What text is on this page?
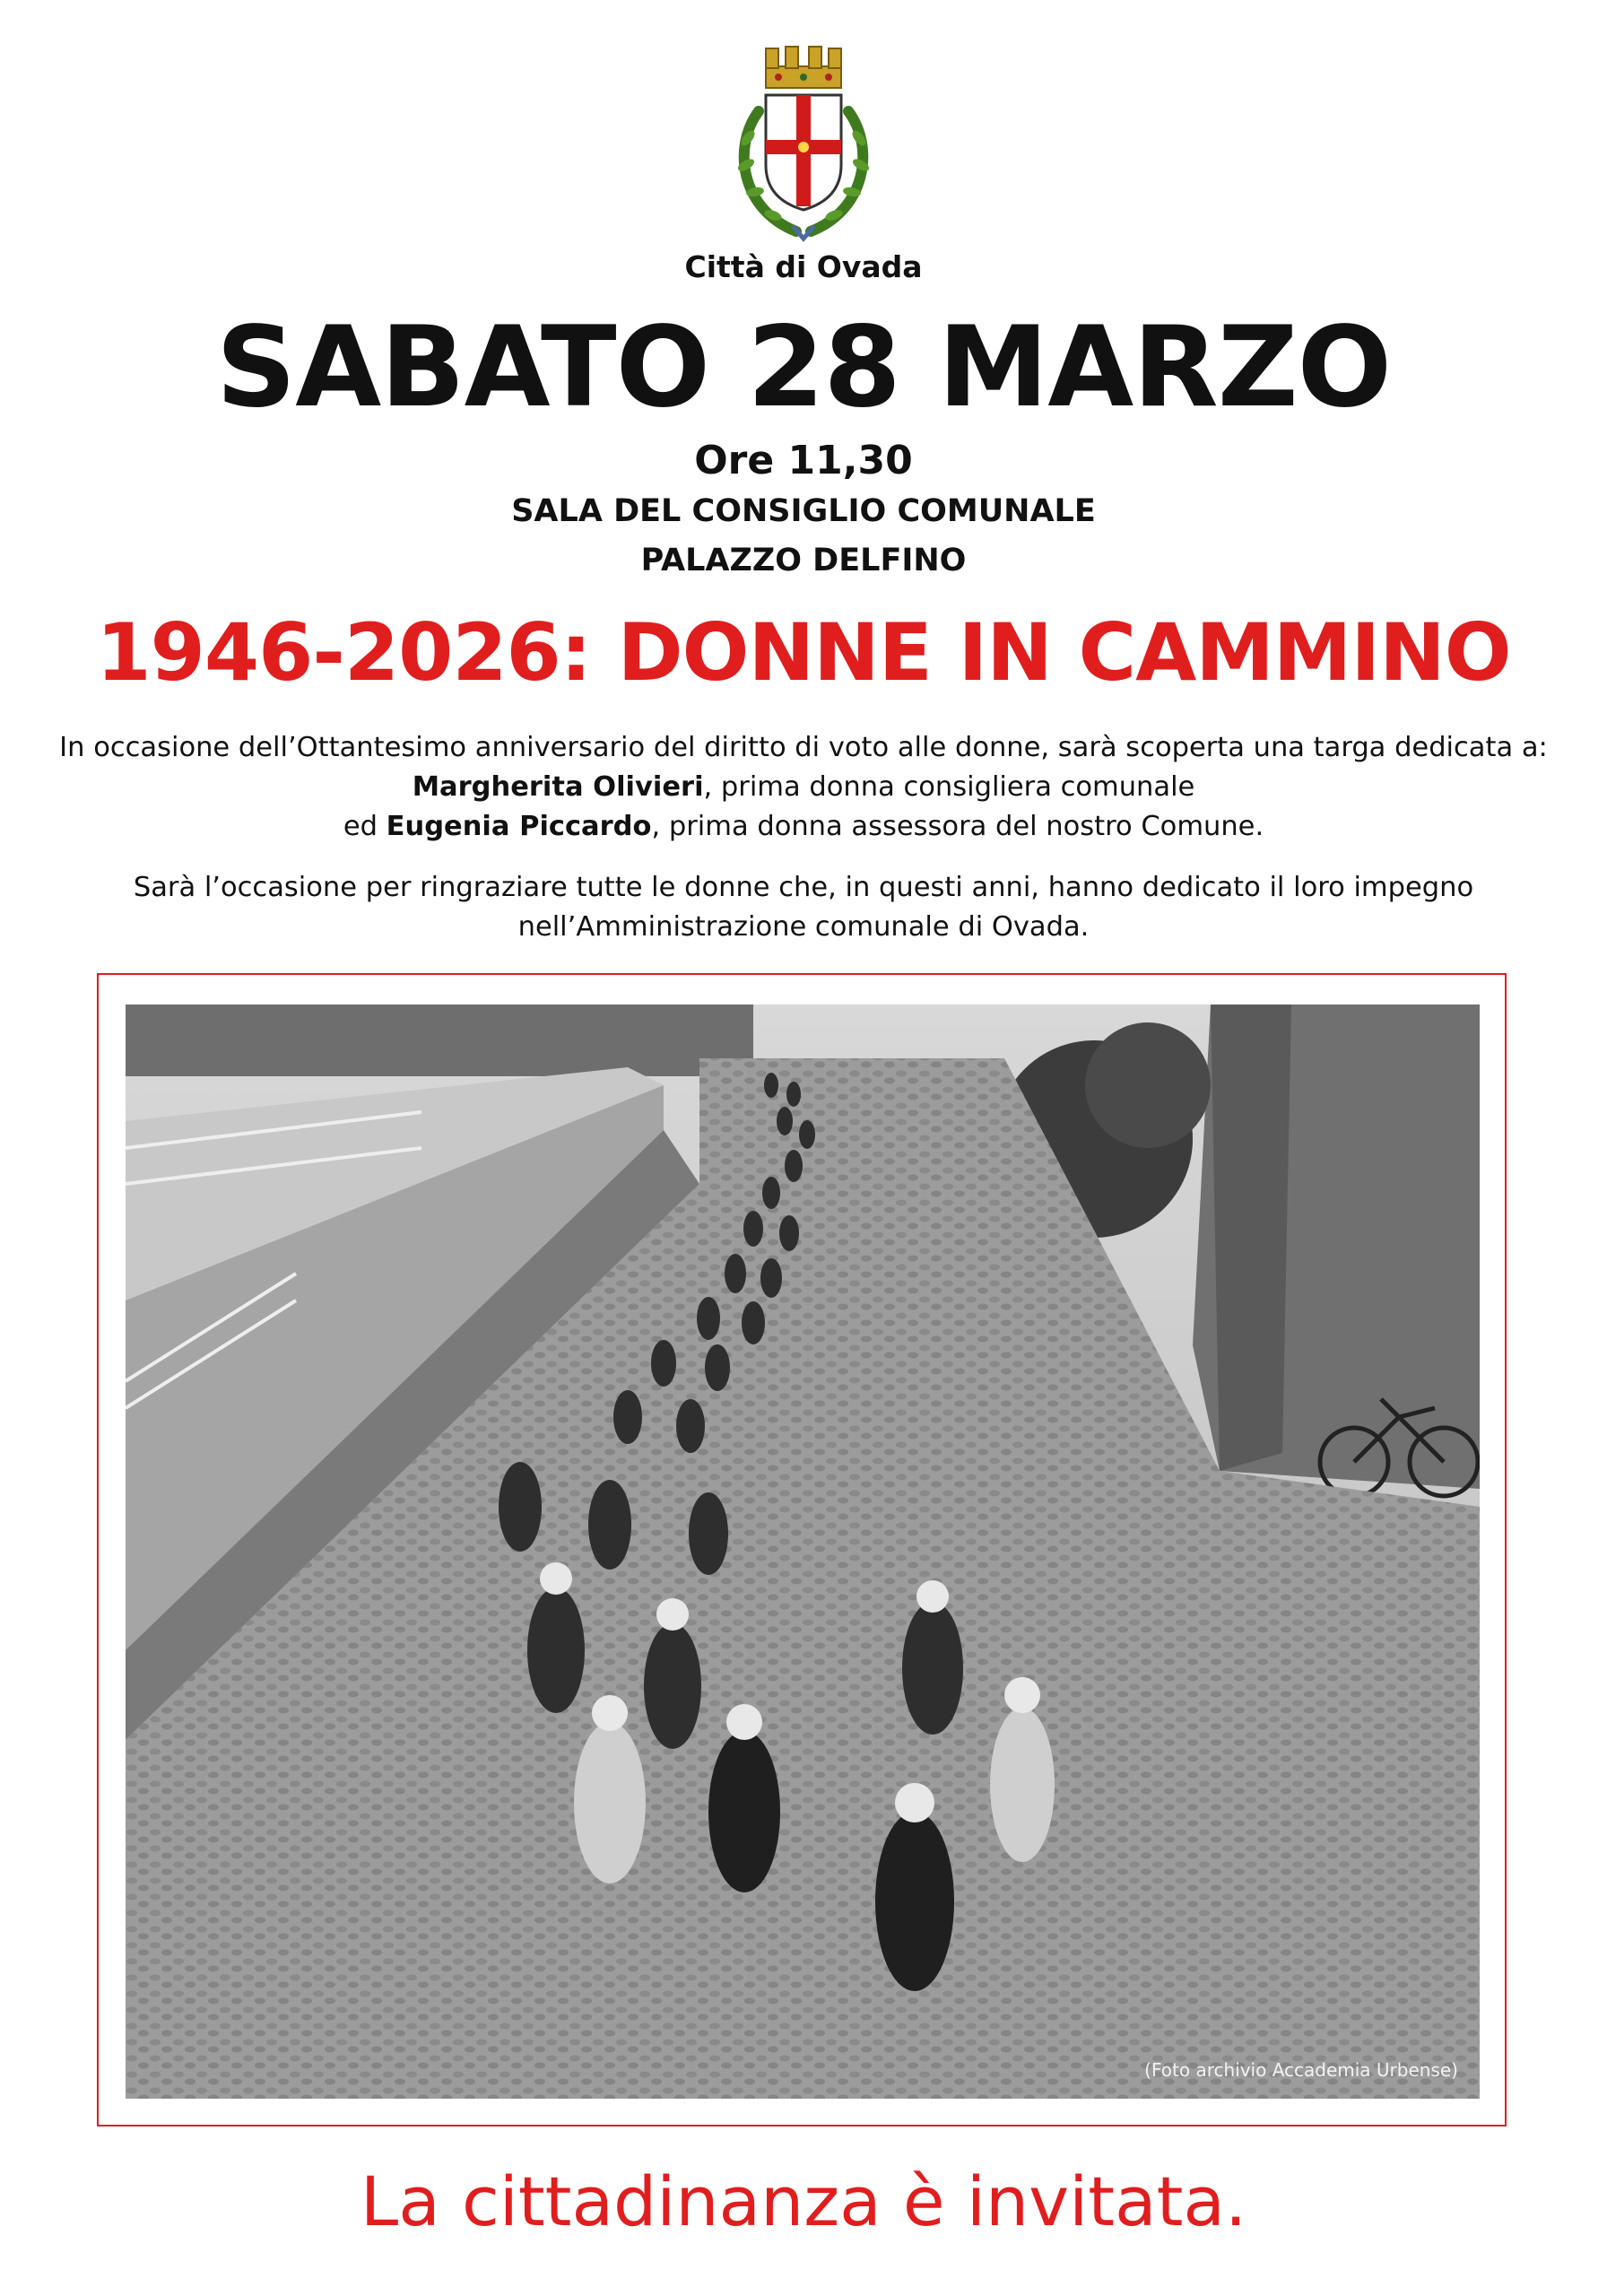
Città di Ovada
SABATO 28 MARZO
Ore 11,30
SALA DEL CONSIGLIO COMUNALE
PALAZZO DELFINO
1946-2026: DONNE IN CAMMINO
In occasione dell’Ottantesimo anniversario del diritto di voto alle donne, sarà scoperta una targa dedicata a:
Margherita Olivieri, prima donna consigliera comunale
ed Eugenia Piccardo, prima donna assessora del nostro Comune.
Sarà l’occasione per ringraziare tutte le donne che, in questi anni, hanno dedicato il loro impegno
nell’Amministrazione comunale di Ovada.
(Foto archivio Accademia Urbense)
La cittadinanza è invitata.
